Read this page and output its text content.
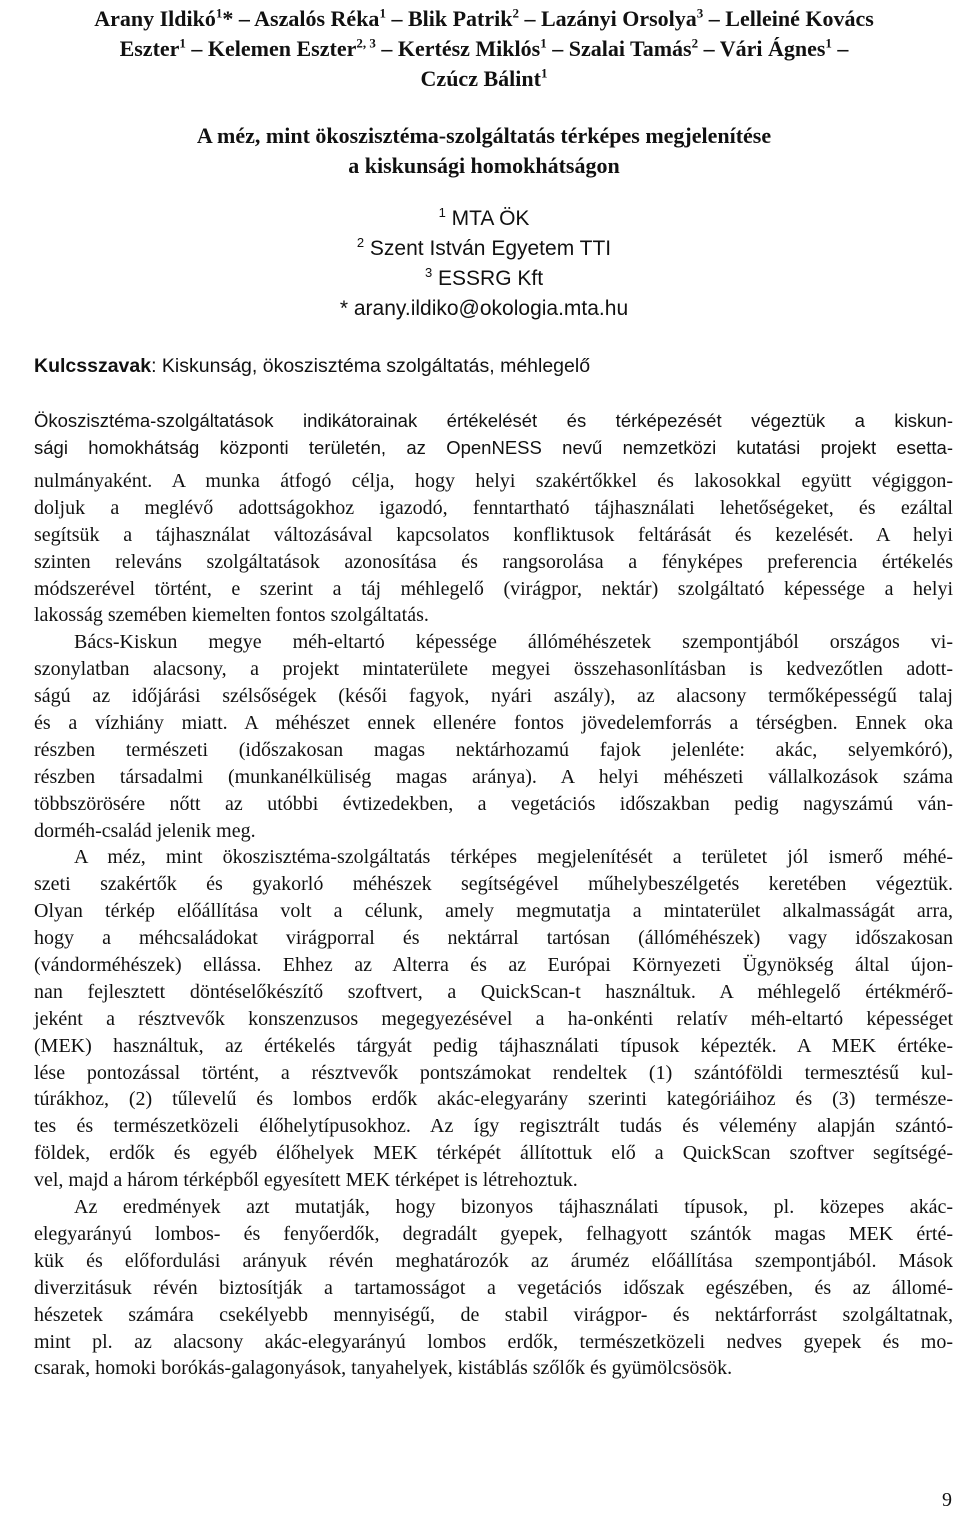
Arany Ildikó$^1$* – Aszalós Réka$^1$ – Blik Patrik$^2$ – Lazányi Orsolya$^3$ – Lelleiné Kovács
Eszter$^1$ – Kelemen Eszter$^{2, 3}$ – Kertész Miklós$^1$ – Szalai Tamás$^2$ – Vári Ágnes$^1$ –
Czúcz Bálint$^1$
A méz, mint ökoszisztéma-szolgáltatás térképes megjelenítése
a kiskunsági homokhátságon
$^1$ MTA ÖK
$^2$ Szent István Egyetem TTI
$^3$ ESSRG Kft
* arany.ildiko@okologia.mta.hu
Kulcsszavak: Kiskunság, ökoszisztéma szolgáltatás, méhlegelő
Ökoszisztéma-szolgáltatások indikátorainak értékelését és térképezését végeztük a kiskun-
sági homokhátság központi területén, az OpenNESS nevű nemzetközi kutatási projekt esetta-
nulmányaként. A munka átfogó célja, hogy helyi szakértőkkel és lakosokkal együtt végiggon-
doljuk a meglévő adottságokhoz igazodó, fenntartható tájhasználati lehetőségeket, és ezáltal
segítsük a tájhasználat változásával kapcsolatos konfliktusok feltárását és kezelését. A helyi
szinten releváns szolgáltatások azonosítása és rangsorolása a fényképes preferencia értékelés
módszerével történt, e szerint a táj méhlegelő (virágpor, nektár) szolgáltató képessége a helyi
lakosság szemében kiemelten fontos szolgáltatás.
Bács-Kiskun megye méh-eltartó képessége állóméhészetek szempontjából országos vi-
szonylatban alacsony, a projekt mintaterülete megyei összehasonlításban is kedvezőtlen adott-
ságú az időjárási szélsőségek (késői fagyok, nyári aszály), az alacsony termőképességű talaj
és a vízhiány miatt. A méhészet ennek ellenére fontos jövedelemforrás a térségben. Ennek oka
részben természeti (időszakosan magas nektárhozamú fajok jelenléte: akác, selyemkóró),
részben társadalmi (munkanélküliség magas aránya). A helyi méhészeti vállalkozások száma
többszörösére nőtt az utóbbi évtizedekben, a vegetációs időszakban pedig nagyszámú ván-
dorméh-család jelenik meg.
A méz, mint ökoszisztéma-szolgáltatás térképes megjelenítését a területet jól ismerő méhé-
szeti szakértők és gyakorló méhészek segítségével műhelybeszélgetés keretében végeztük.
Olyan térkép előállítása volt a célunk, amely megmutatja a mintaterület alkalmasságát arra,
hogy a méhcsaládokat virágporral és nektárral tartósan (állóméhészek) vagy időszakosan
(vándorméhészek) ellássa. Ehhez az Alterra és az Európai Környezeti Ügynökség által újon-
nan fejlesztett döntéselőkészítő szoftvert, a QuickScan-t használtuk. A méhlegelő értékmérő-
jeként a résztvevők konszenzusos megegyezésével a ha-onkénti relatív méh-eltartó képességet
(MEK) használtuk, az értékelés tárgyát pedig tájhasználati típusok képezték. A MEK értéke-
lése pontozással történt, a résztvevők pontszámokat rendeltek (1) szántóföldi termesztésű kul-
túrákhoz, (2) tűlevelű és lombos erdők akác-elegyarány szerinti kategóriáihoz és (3) természe-
tes és természetközeli élőhelytípusokhoz. Az így regisztrált tudás és vélemény alapján szántó-
földek, erdők és egyéb élőhelyek MEK térképét állítottuk elő a QuickScan szoftver segítségé-
vel, majd a három térképből egyesített MEK térképet is létrehoztuk.
Az eredmények azt mutatják, hogy bizonyos tájhasználati típusok, pl. közepes akác-
elegyarányú lombos- és fenyőerdők, degradált gyepek, felhagyott szántók magas MEK érté-
kük és előfordulási arányuk révén meghatározók az áruméz előállítása szempontjából. Mások
diverzitásuk révén biztosítják a tartamosságot a vegetációs időszak egészében, és az állomé-
hészetek számára csekélyebb mennyiségű, de stabil virágpor- és nektárforrást szolgáltatnak,
mint pl. az alacsony akác-elegyarányú lombos erdők, természetközeli nedves gyepek és mo-
csarak, homoki borókás-galagonyások, tanyahelyek, kistáblás szőlők és gyümölcsösök.
9
